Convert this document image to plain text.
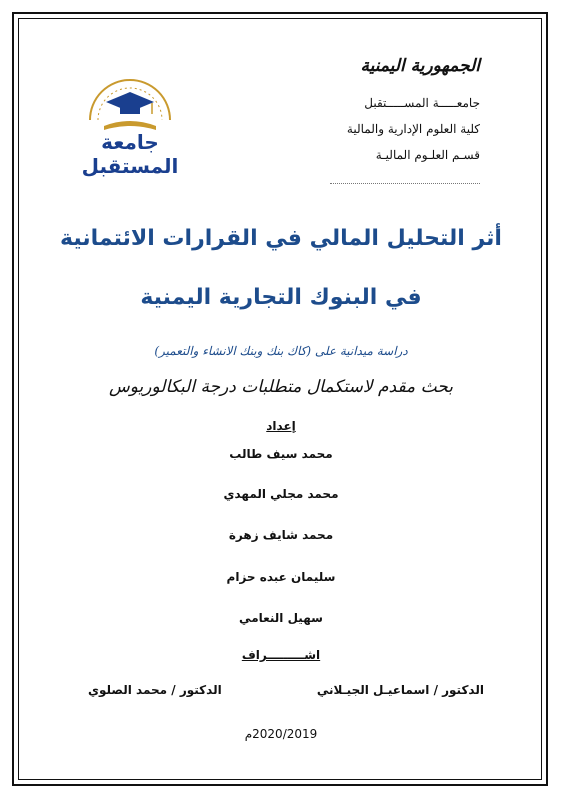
الجمهورية اليمنية
جامعـــــة المســـــتقبل
كلية العلوم الإدارية والمالية
قسـم العلـوم الماليـة
جامعة المستقبل
أثر التحليل المالي في القرارات الائتمانية
في البنوك التجارية اليمنية
دراسة ميدانية على (كاك بنك وبنك الانشاء والتعمير)
بحث مقدم لاستكمال متطلبات درجة البكالوريوس
إعداد
محمد سيف طالب
محمد مجلي المهدي
محمد شايف زهرة
سليمان عبده حزام
سهيل النعامي
اشـــــــــراف
الدكتور / اسماعيـل الجيـلاني
الدكتور / محمد الصلوي
2020/2019م
